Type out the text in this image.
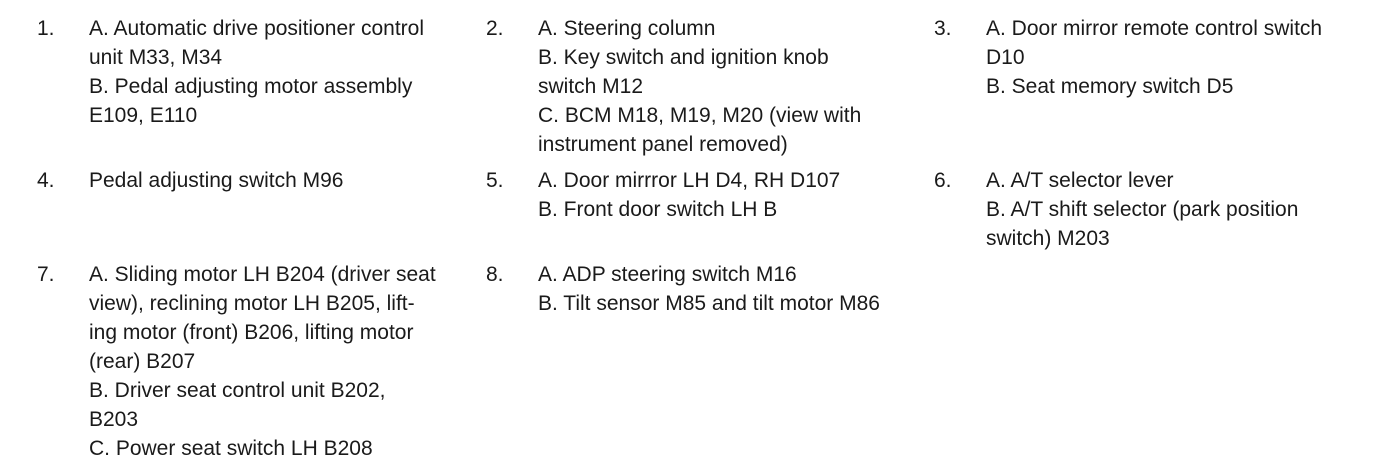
1.	A. Automatic drive positioner control
unit M33, M34
B. Pedal adjusting motor assembly
E109, E110
2.	A. Steering column
B. Key switch and ignition knob
switch M12
C. BCM M18, M19, M20 (view with
instrument panel removed)
3.	A. Door mirror remote control switch
D10
B. Seat memory switch D5
4.	Pedal adjusting switch M96	5.	A. Door mirrror LH D4, RH D107
B. Front door switch LH B
6.	A. A/T selector lever
B. A/T shift selector (park position
switch) M203
7.	A. Sliding motor LH B204 (driver seat
view), reclining motor LH B205, lift-
ing motor (front) B206, lifting motor
(rear) B207
B. Driver seat control unit B202,
B203
C. Power seat switch LH B208
8.	A. ADP steering switch M16
B. Tilt sensor M85 and tilt motor M86
